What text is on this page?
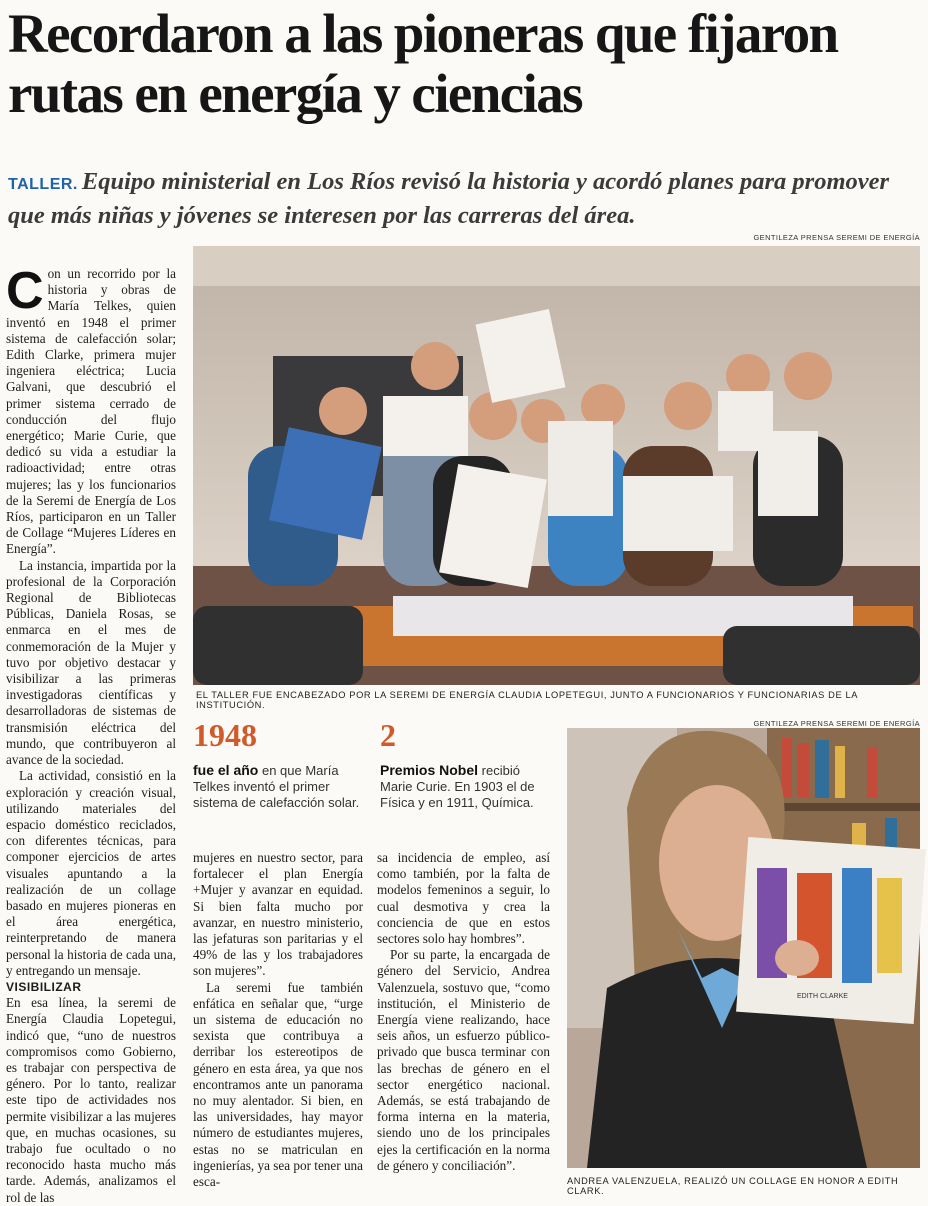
Recordaron a las pioneras que fijaron rutas en energía y ciencias

TALLER. Equipo ministerial en Los Ríos revisó la historia y acordó planes para promover que más niñas y jóvenes se interesen por las carreras del área.

GENTILEZA PRENSA SEREMI DE ENERGÍA
EL TALLER FUE ENCABEZADO POR LA SEREMI DE ENERGÍA CLAUDIA LOPETEGUI, JUNTO A FUNCIONARIOS Y FUNCIONARIAS DE LA INSTITUCIÓN.
GENTILEZA PRENSA SEREMI DE ENERGÍA
EDITH CLARKE
ANDREA VALENZUELA, REALIZÓ UN COLLAGE EN HONOR A EDITH CLARK.
1948
fue el año en que María Telkes inventó el primer sistema de calefacción solar.
2
Premios Nobel recibió Marie Curie. En 1903 el de Física y en 1911, Química.

Con un recorrido por la historia y obras de María Telkes, quien inventó en 1948 el primer sistema de calefacción solar; Edith Clarke, primera mujer ingeniera eléctrica; Lucia Galvani, que descubrió el primer sistema cerrado de conducción del flujo energético; Marie Curie, que dedicó su vida a estudiar la radioactividad; entre otras mujeres; las y los funcionarios de la Seremi de Energía de Los Ríos, participaron en un Taller de Collage “Mujeres Líderes en Energía”.

La instancia, impartida por la profesional de la Corporación Regional de Bibliotecas Públicas, Daniela Rosas, se enmarca en el mes de conmemoración de la Mujer y tuvo por objetivo destacar y visibilizar a las primeras investigadoras científicas y desarrolladoras de sistemas de transmisión eléctrica del mundo, que contribuyeron al avance de la sociedad.

La actividad, consistió en la exploración y creación visual, utilizando materiales del espacio doméstico reciclados, con diferentes técnicas, para componer ejercicios de artes visuales apuntando a la realización de un collage basado en mujeres pioneras en el área energética, reinterpretando de manera personal la historia de cada una, y entregando un mensaje.

VISIBILIZAR

En esa línea, la seremi de Energía Claudia Lopetegui, indicó que, “uno de nuestros compromisos como Gobierno, es trabajar con perspectiva de género. Por lo tanto, realizar este tipo de actividades nos permite visibilizar a las mujeres que, en muchas ocasiones, su trabajo fue ocultado o no reconocido hasta mucho más tarde. Además, analizamos el rol de las

mujeres en nuestro sector, para fortalecer el plan Energía +Mujer y avanzar en equidad. Si bien falta mucho por avanzar, en nuestro ministerio, las jefaturas son paritarias y el 49% de las y los trabajadores son mujeres”.

La seremi fue también enfática en señalar que, “urge un sistema de educación no sexista que contribuya a derribar los estereotipos de género en esta área, ya que nos encontramos ante un panorama no muy alentador. Si bien, en las universidades, hay mayor número de estudiantes mujeres, estas no se matriculan en ingenierías, ya sea por tener una esca-

sa incidencia de empleo, así como también, por la falta de modelos femeninos a seguir, lo cual desmotiva y crea la conciencia de que en estos sectores solo hay hombres”.

Por su parte, la encargada de género del Servicio, Andrea Valenzuela, sostuvo que, “como institución, el Ministerio de Energía viene realizando, hace seis años, un esfuerzo público-privado que busca terminar con las brechas de género en el sector energético nacional. Además, se está trabajando de forma interna en la materia, siendo uno de los principales ejes la certificación en la norma de género y conciliación”.
